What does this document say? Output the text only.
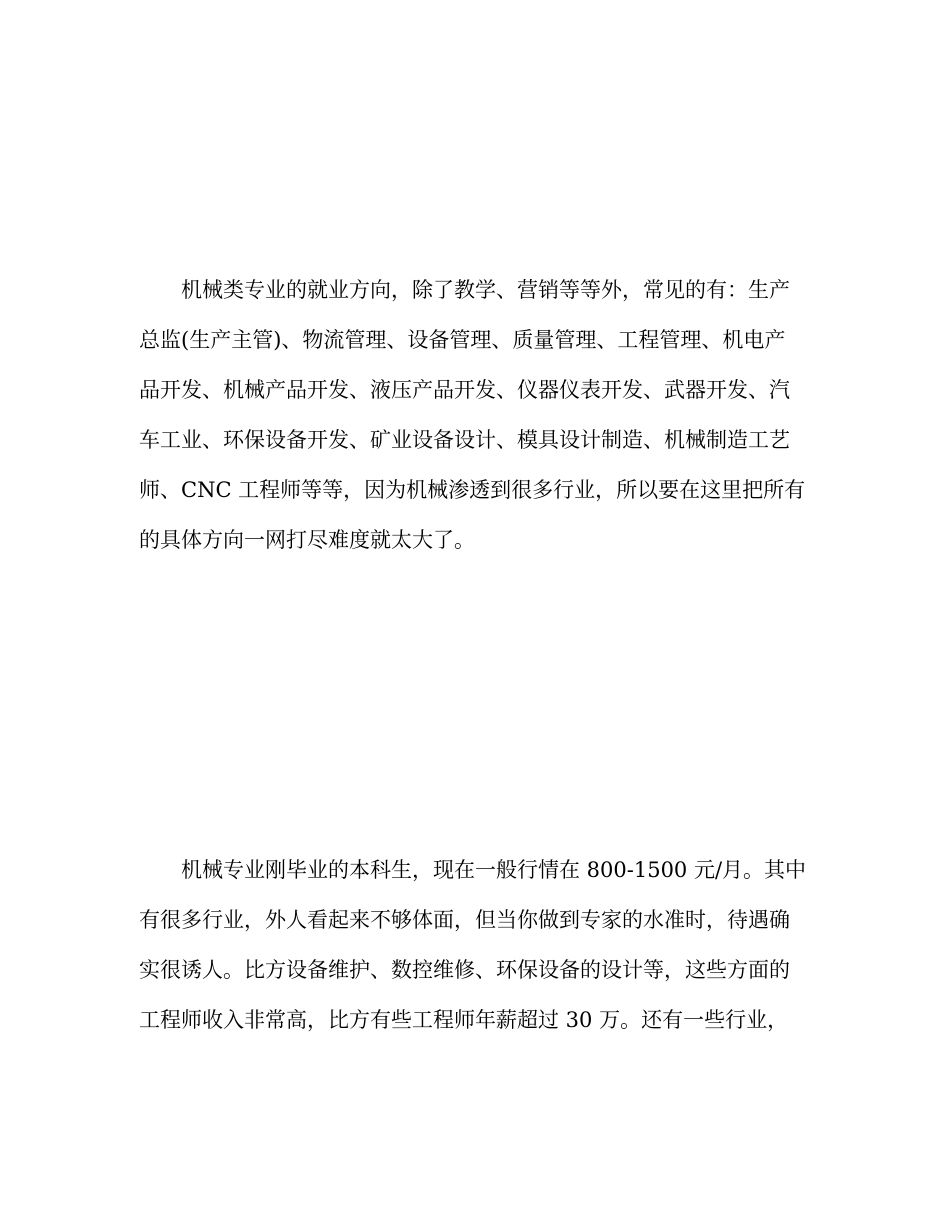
机械类专业的就业方向，除了教学、营销等等外，常见的有：生产
总监(生产主管)、物流管理、设备管理、质量管理、工程管理、机电产
品开发、机械产品开发、液压产品开发、仪器仪表开发、武器开发、汽
车工业、环保设备开发、矿业设备设计、模具设计制造、机械制造工艺
师、CNC 工程师等等，因为机械渗透到很多行业，所以要在这里把所有
的具体方向一网打尽难度就太大了。
机械专业刚毕业的本科生，现在一般行情在 800-1500 元/月。其中
有很多行业，外人看起来不够体面，但当你做到专家的水准时，待遇确
实很诱人。比方设备维护、数控维修、环保设备的设计等，这些方面的
工程师收入非常高，比方有些工程师年薪超过 30 万。还有一些行业，
